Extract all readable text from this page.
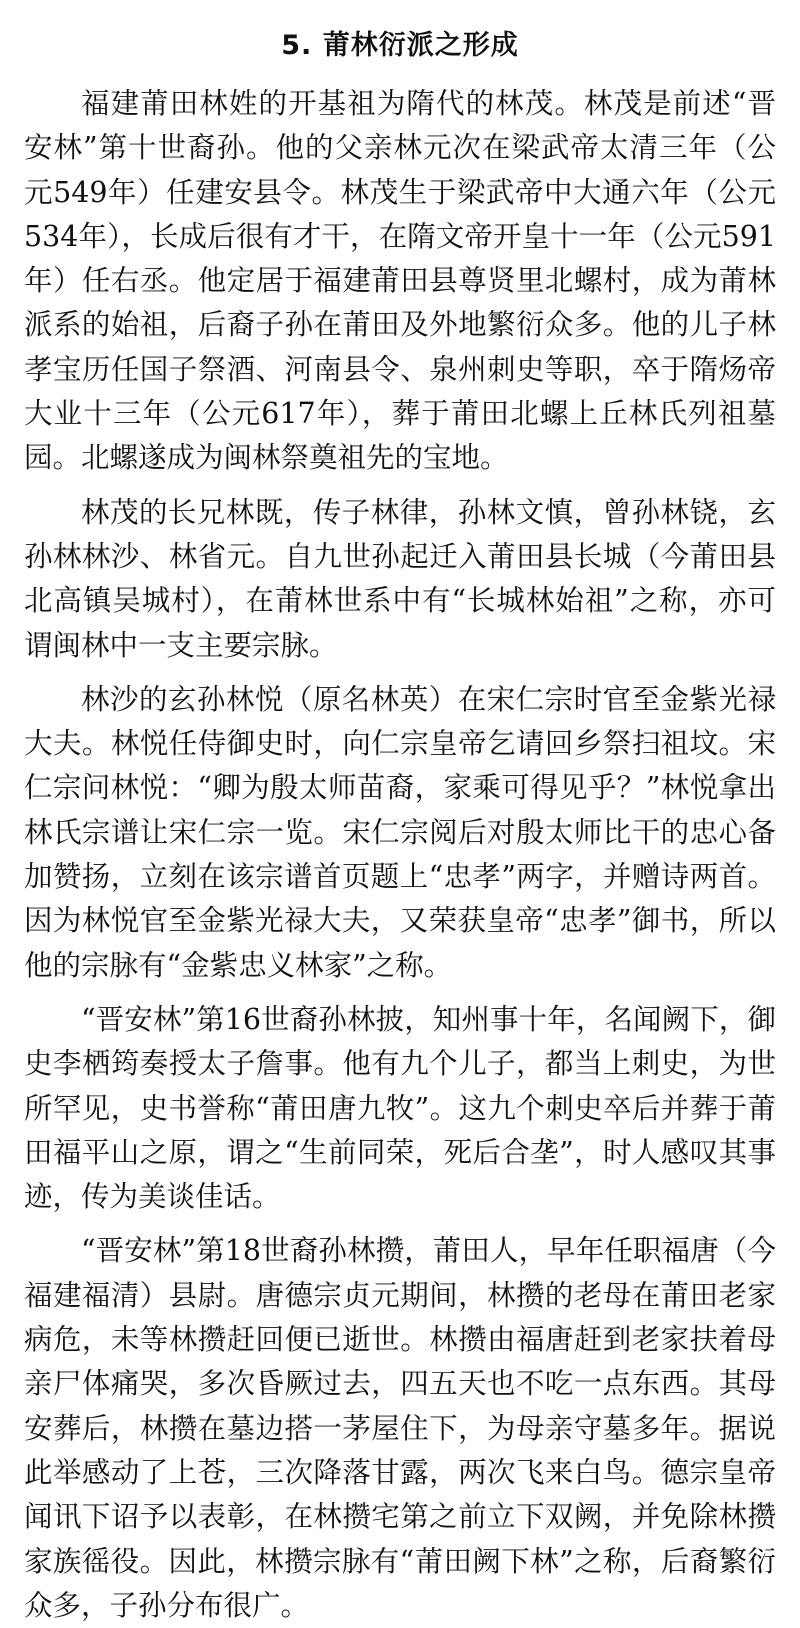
5. 莆林衍派之形成

福建莆田林姓的开基祖为隋代的林茂。林茂是前述“晋安林”第十世裔孙。他的父亲林元次在梁武帝太清三年（公元549年）任建安县令。林茂生于梁武帝中大通六年（公元534年），长成后很有才干，在隋文帝开皇十一年（公元591年）任右丞。他定居于福建莆田县尊贤里北螺村，成为莆林派系的始祖，后裔子孙在莆田及外地繁衍众多。他的儿子林孝宝历任国子祭酒、河南县令、泉州刺史等职，卒于隋炀帝大业十三年（公元617年），葬于莆田北螺上丘林氏列祖墓园。北螺遂成为闽林祭奠祖先的宝地。

林茂的长兄林既，传子林律，孙林文慎，曾孙林铙，玄孙林林沙、林省元。自九世孙起迁入莆田县长城（今莆田县北高镇吴城村），在莆林世系中有“长城林始祖”之称，亦可谓闽林中一支主要宗脉。

林沙的玄孙林悦（原名林英）在宋仁宗时官至金紫光禄大夫。林悦任侍御史时，向仁宗皇帝乞请回乡祭扫祖坟。宋仁宗问林悦：“卿为殷太师苗裔，家乘可得见乎？”林悦拿出林氏宗谱让宋仁宗一览。宋仁宗阅后对殷太师比干的忠心备加赞扬，立刻在该宗谱首页题上“忠孝”两字，并赠诗两首。因为林悦官至金紫光禄大夫，又荣获皇帝“忠孝”御书，所以他的宗脉有“金紫忠义林家”之称。

“晋安林”第16世裔孙林披，知州事十年，名闻阙下，御史李栖筠奏授太子詹事。他有九个儿子，都当上刺史，为世所罕见，史书誉称“莆田唐九牧”。这九个刺史卒后并葬于莆田福平山之原，谓之“生前同荣，死后合垄”，时人感叹其事迹，传为美谈佳话。

“晋安林”第18世裔孙林攒，莆田人，早年任职福唐（今福建福清）县尉。唐德宗贞元期间，林攒的老母在莆田老家病危，未等林攒赶回便已逝世。林攒由福唐赶到老家扶着母亲尸体痛哭，多次昏厥过去，四五天也不吃一点东西。其母安葬后，林攒在墓边搭一茅屋住下，为母亲守墓多年。据说此举感动了上苍，三次降落甘露，两次飞来白鸟。德宗皇帝闻讯下诏予以表彰，在林攒宅第之前立下双阙，并免除林攒家族徭役。因此，林攒宗脉有“莆田阙下林”之称，后裔繁衍众多，子孙分布很广。
